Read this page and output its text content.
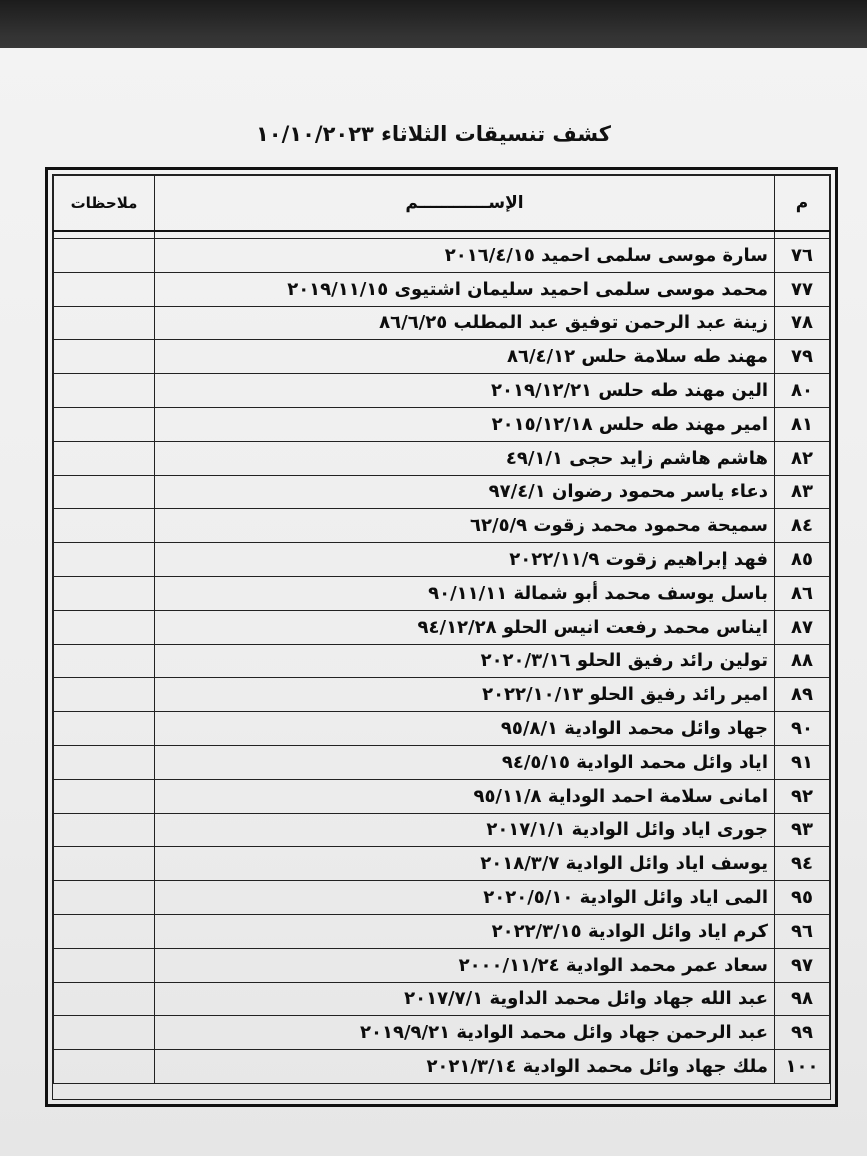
كشف تنسيقات الثلاثاء ١٠/١٠/٢٠٢٣
م	الإســــــــــــم	ملاحظات

٧٦	سارة موسى سلمى احميد ٢٠١٦/٤/١٥	
٧٧	محمد موسى سلمى احميد سليمان اشتيوى ٢٠١٩/١١/١٥	
٧٨	زينة عبد الرحمن توفيق عبد المطلب ٨٦/٦/٢٥	
٧٩	مهند طه سلامة حلس ٨٦/٤/١٢	
٨٠	الين مهند طه حلس ٢٠١٩/١٢/٢١	
٨١	امير مهند طه حلس ٢٠١٥/١٢/١٨	
٨٢	هاشم هاشم زايد حجى ٤٩/١/١	
٨٣	دعاء ياسر محمود رضوان ٩٧/٤/١	
٨٤	سميحة محمود محمد زقوت ٦٢/٥/٩	
٨٥	فهد إبراهيم زقوت ٢٠٢٢/١١/٩	
٨٦	باسل يوسف محمد أبو شمالة ٩٠/١١/١١	
٨٧	ايناس محمد رفعت انيس الحلو ٩٤/١٢/٢٨	
٨٨	تولين رائد رفيق الحلو ٢٠٢٠/٣/١٦	
٨٩	امير رائد رفيق الحلو ٢٠٢٢/١٠/١٣	
٩٠	جهاد وائل محمد الوادية ٩٥/٨/١	
٩١	اياد وائل محمد الوادية ٩٤/٥/١٥	
٩٢	امانى سلامة احمد الوداية ٩٥/١١/٨	
٩٣	جورى اياد وائل الوادية ٢٠١٧/١/١	
٩٤	يوسف اياد وائل الوادية ٢٠١٨/٣/٧	
٩٥	المى اياد وائل الوادية ٢٠٢٠/٥/١٠	
٩٦	كرم اياد وائل الوادية ٢٠٢٢/٣/١٥	
٩٧	سعاد عمر محمد الوادية ٢٠٠٠/١١/٢٤	
٩٨	عبد الله جهاد وائل محمد الداوية ٢٠١٧/٧/١	
٩٩	عبد الرحمن جهاد وائل محمد الوادية ٢٠١٩/٩/٢١	
١٠٠	ملك جهاد وائل محمد الوادية ٢٠٢١/٣/١٤	
